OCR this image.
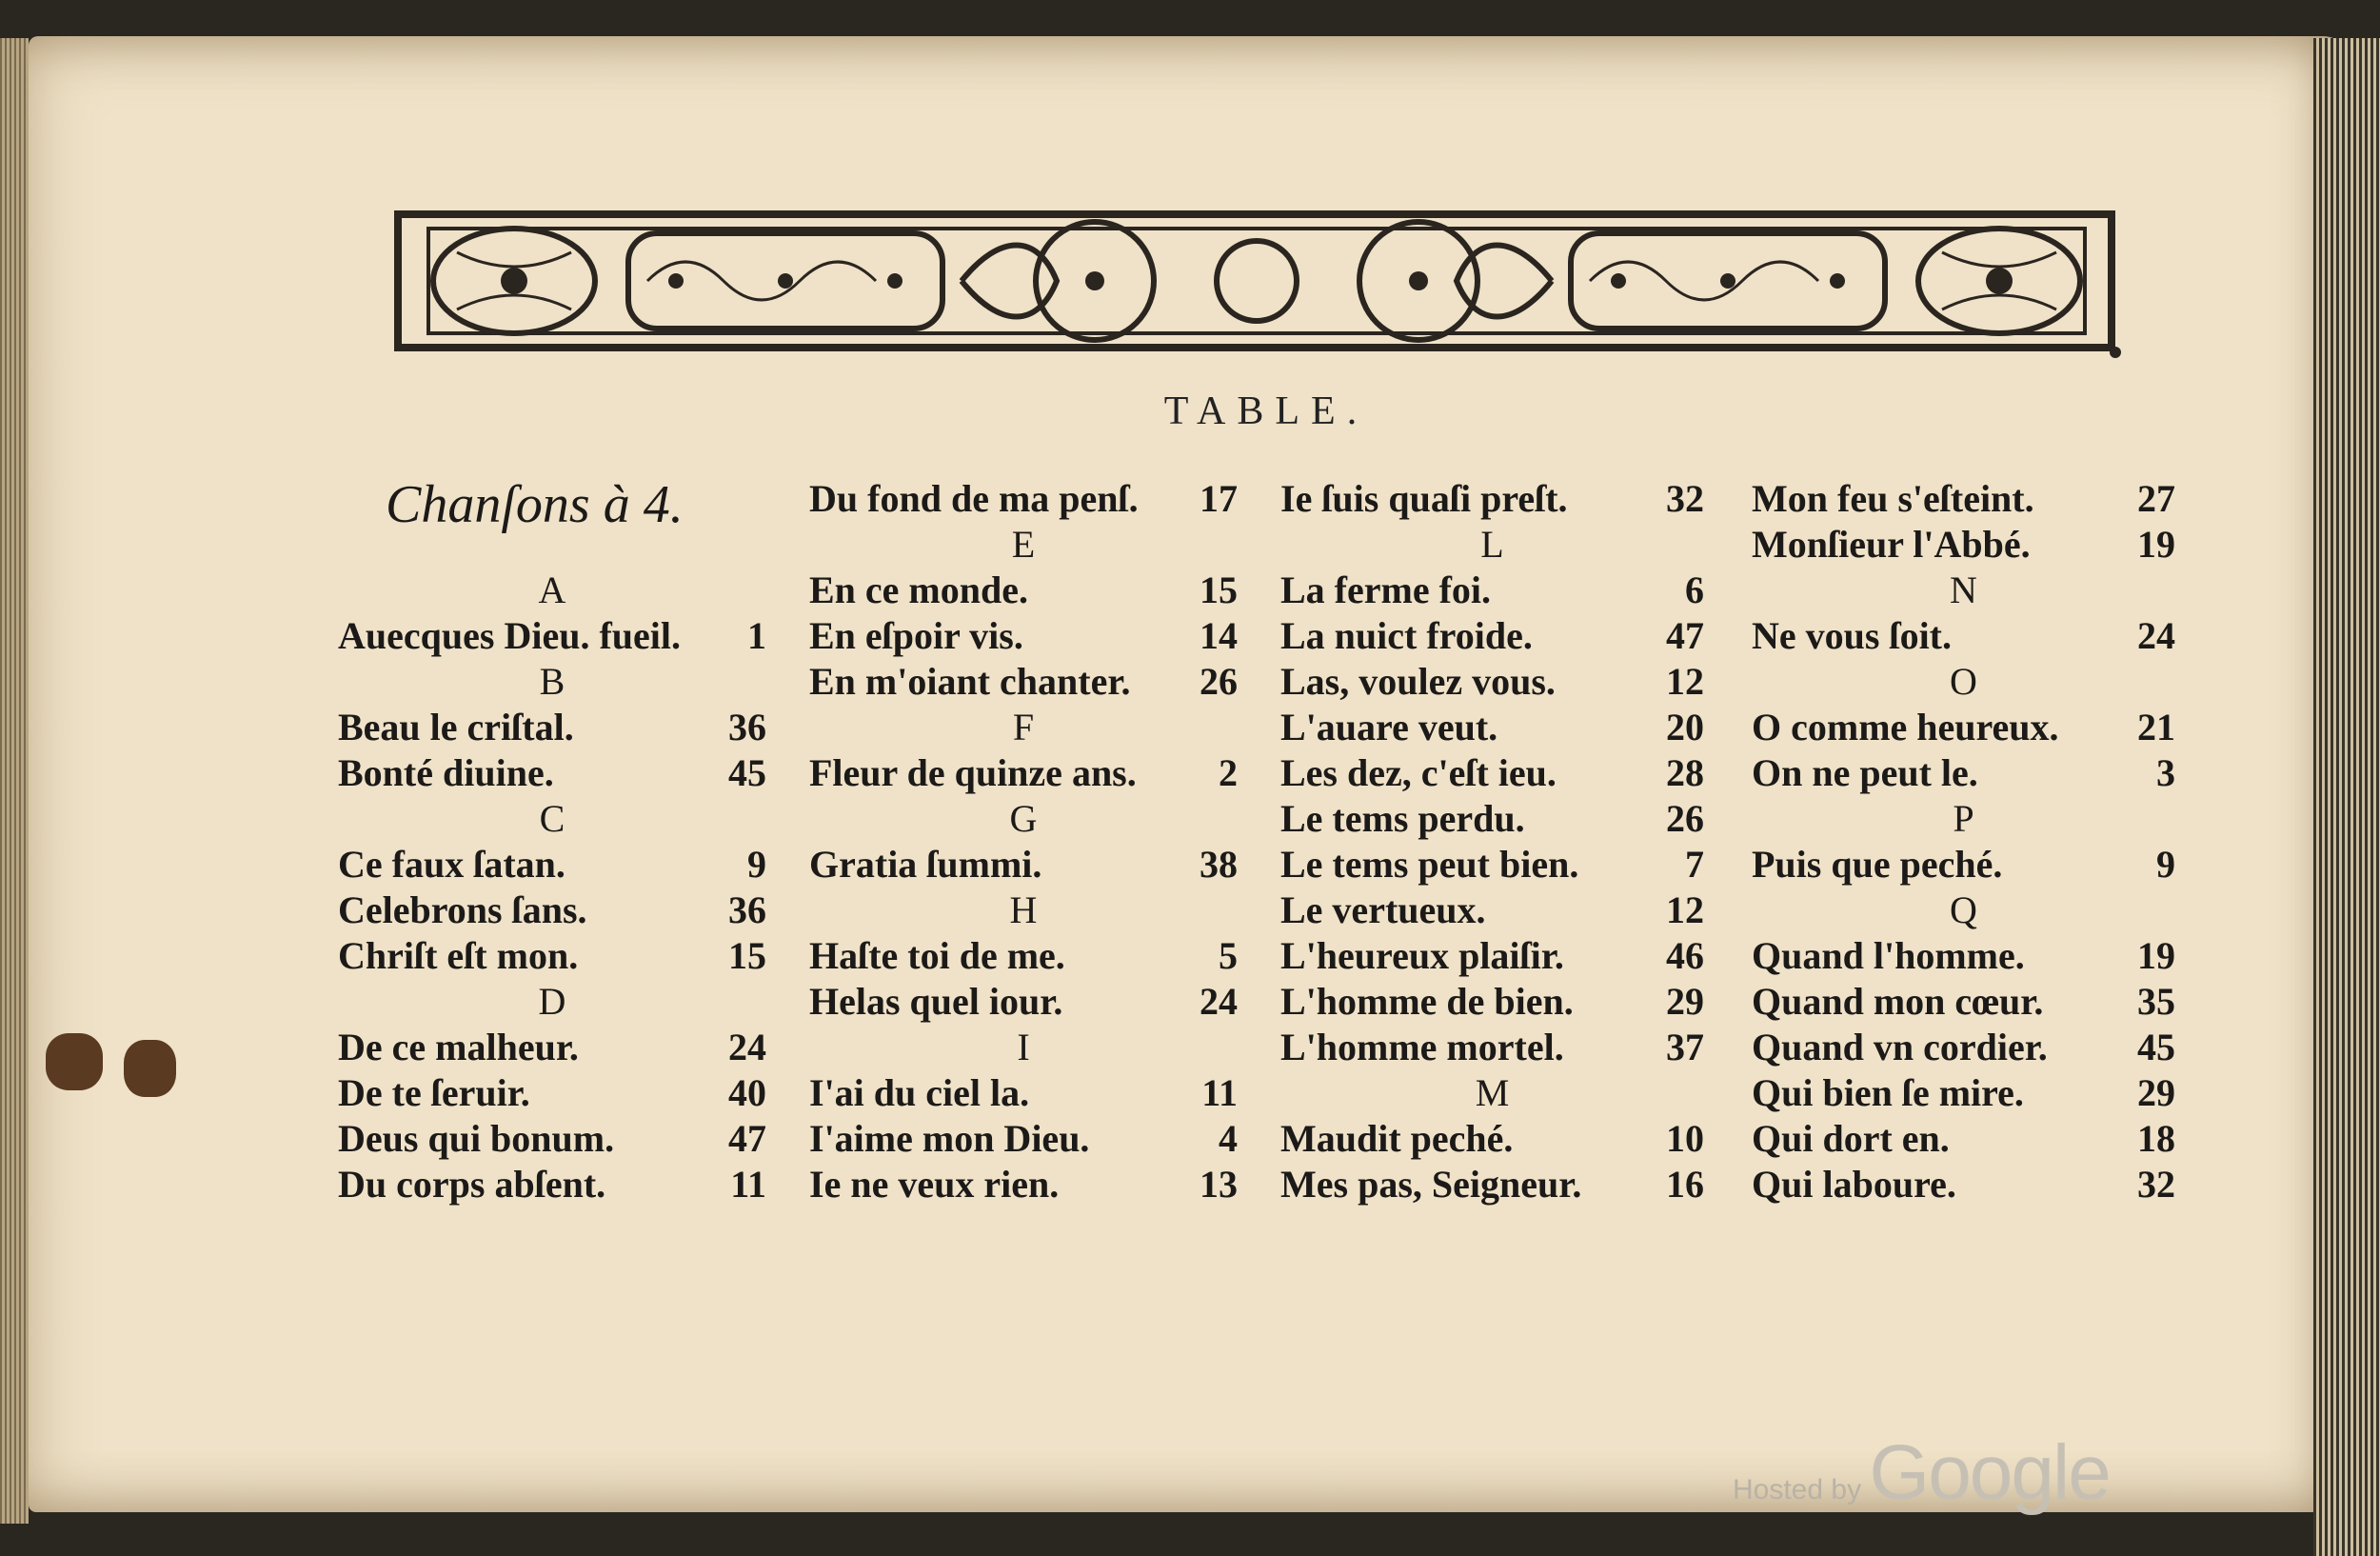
TABLE.
Chanſons à 4.
A
Auecques Dieu. fueil. 1
B
Beau le criſtal.	36
Bonté diuine.	45
C
Ce faux ſatan.	9
Celebrons ſans.	36
Chriſt eſt mon.	15
D
De ce malheur.	24
De te ſeruir.	40
Deus qui bonum.	47
Du corps abſent.	11
Du fond de ma penſ. 17
E
En ce monde.	15
En eſpoir vis.	14
En m'oiant chanter. 26
F
Fleur de quinze ans. 2
G
Gratia ſummi.	38
H
Haſte toi de me.	5
Helas quel iour.	24
I
I'ai du ciel la.	11
I'aime mon Dieu.	4
Ie ne veux rien.	13
Ie ſuis quaſi preſt.	32
L
La ferme foi.	6
La nuict froide.	47
Las, voulez vous.	12
L'auare veut.	20
Les dez, c'eſt ieu.	28
Le tems perdu.	26
Le tems peut bien.	7
Le vertueux.	12
L'heureux plaiſir.	46
L'homme de bien. 29
L'homme mortel.	37
M
Maudit peché.	10
Mes pas, Seigneur. 16
Mon feu s'eſteint.	27
Monſieur l'Abbé.	19
N
Ne vous ſoit.	24
O
O comme heureux. 21
On ne peut le.	3
P
Puis que peché.	9
Q
Quand l'homme.	19
Quand mon cœur. 35
Quand vn cordier. 45
Qui bien ſe mire.	29
Qui dort en.	18
Qui laboure.	32
Hosted by Google
